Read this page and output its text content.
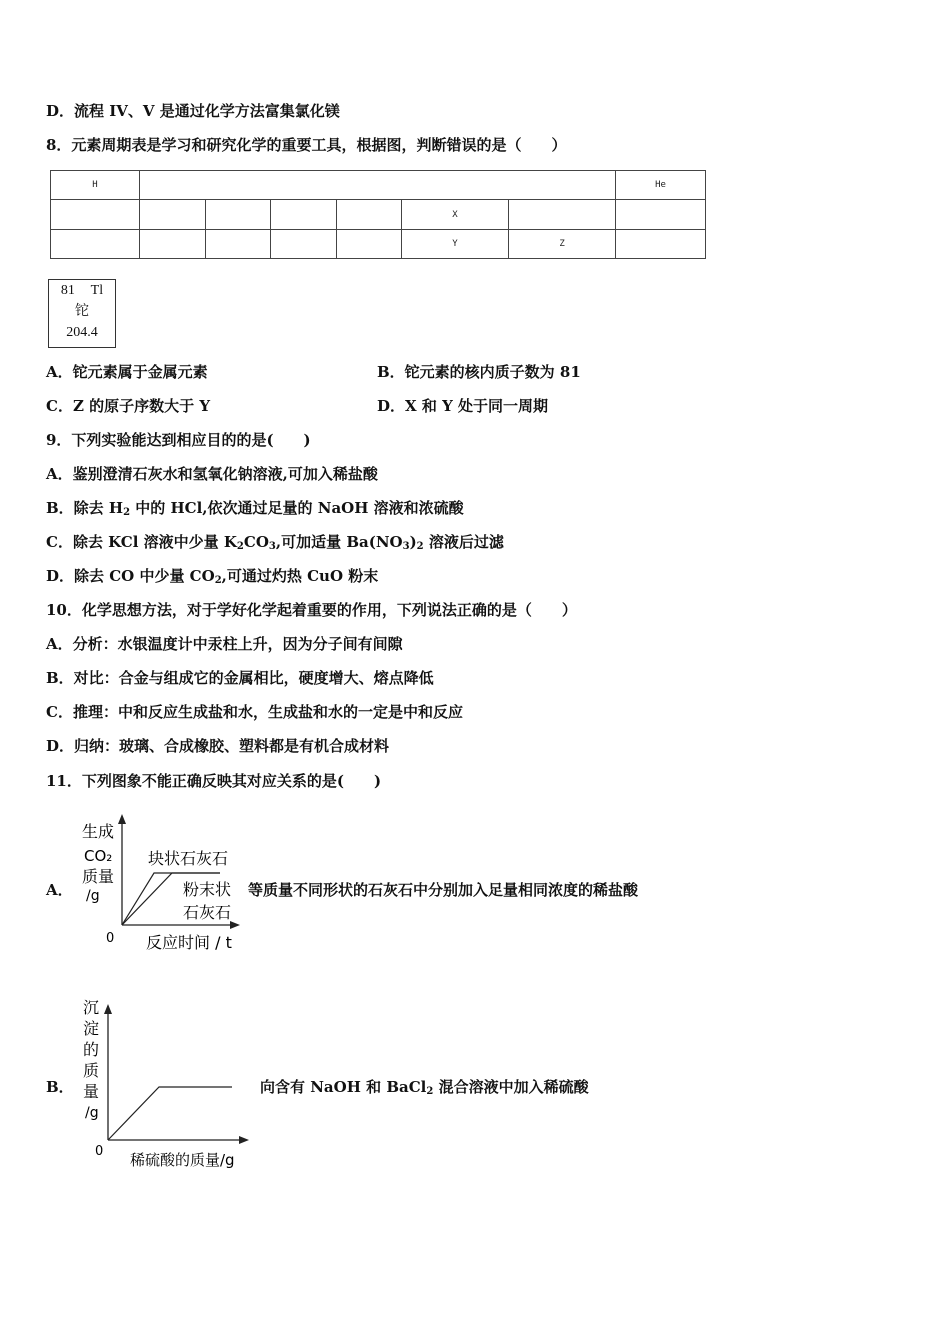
D．流程 IV、V 是通过化学方法富集氯化镁
8．元素周期表是学习和研究化学的重要工具，根据图，判断错误的是（　　）
H							He
					X		
					Y	Z	
81 Tl
铊
204.4
A．铊元素属于金属元素	B．铊元素的核内质子数为 81
C．Z 的原子序数大于 Y	D．X 和 Y 处于同一周期
9．下列实验能达到相应目的的是(　　)
A．鉴别澄清石灰水和氢氧化钠溶液,可加入稀盐酸
B．除去 $H_2$ 中的 HCl,依次通过足量的 NaOH 溶液和浓硫酸
C．除去 KCl 溶液中少量 $K_2CO_3$,可加适量 $Ba(NO_3)_2$ 溶液后过滤
D．除去 CO 中少量 $CO_2$,可通过灼热 CuO 粉末
10．化学思想方法，对于学好化学起着重要的作用，下列说法正确的是（　　）
A．分析：水银温度计中汞柱上升，因为分子间有间隙
B．对比：合金与组成它的金属相比，硬度增大、熔点降低
C．推理：中和反应生成盐和水，生成盐和水的一定是中和反应
D．归纳：玻璃、合成橡胶、塑料都是有机合成材料
11．下列图象不能正确反映其对应关系的是(　　)
A．
生成
CO₂
质量
/g
块状石灰石
粉末状
石灰石
0 反应时间 / t
等质量不同形状的石灰石中分别加入足量相同浓度的稀盐酸
B．
沉
淀
的
质
量
/g
0 稀硫酸的质量/g
向含有 NaOH 和 BaCl$_2$ 混合溶液中加入稀硫酸
